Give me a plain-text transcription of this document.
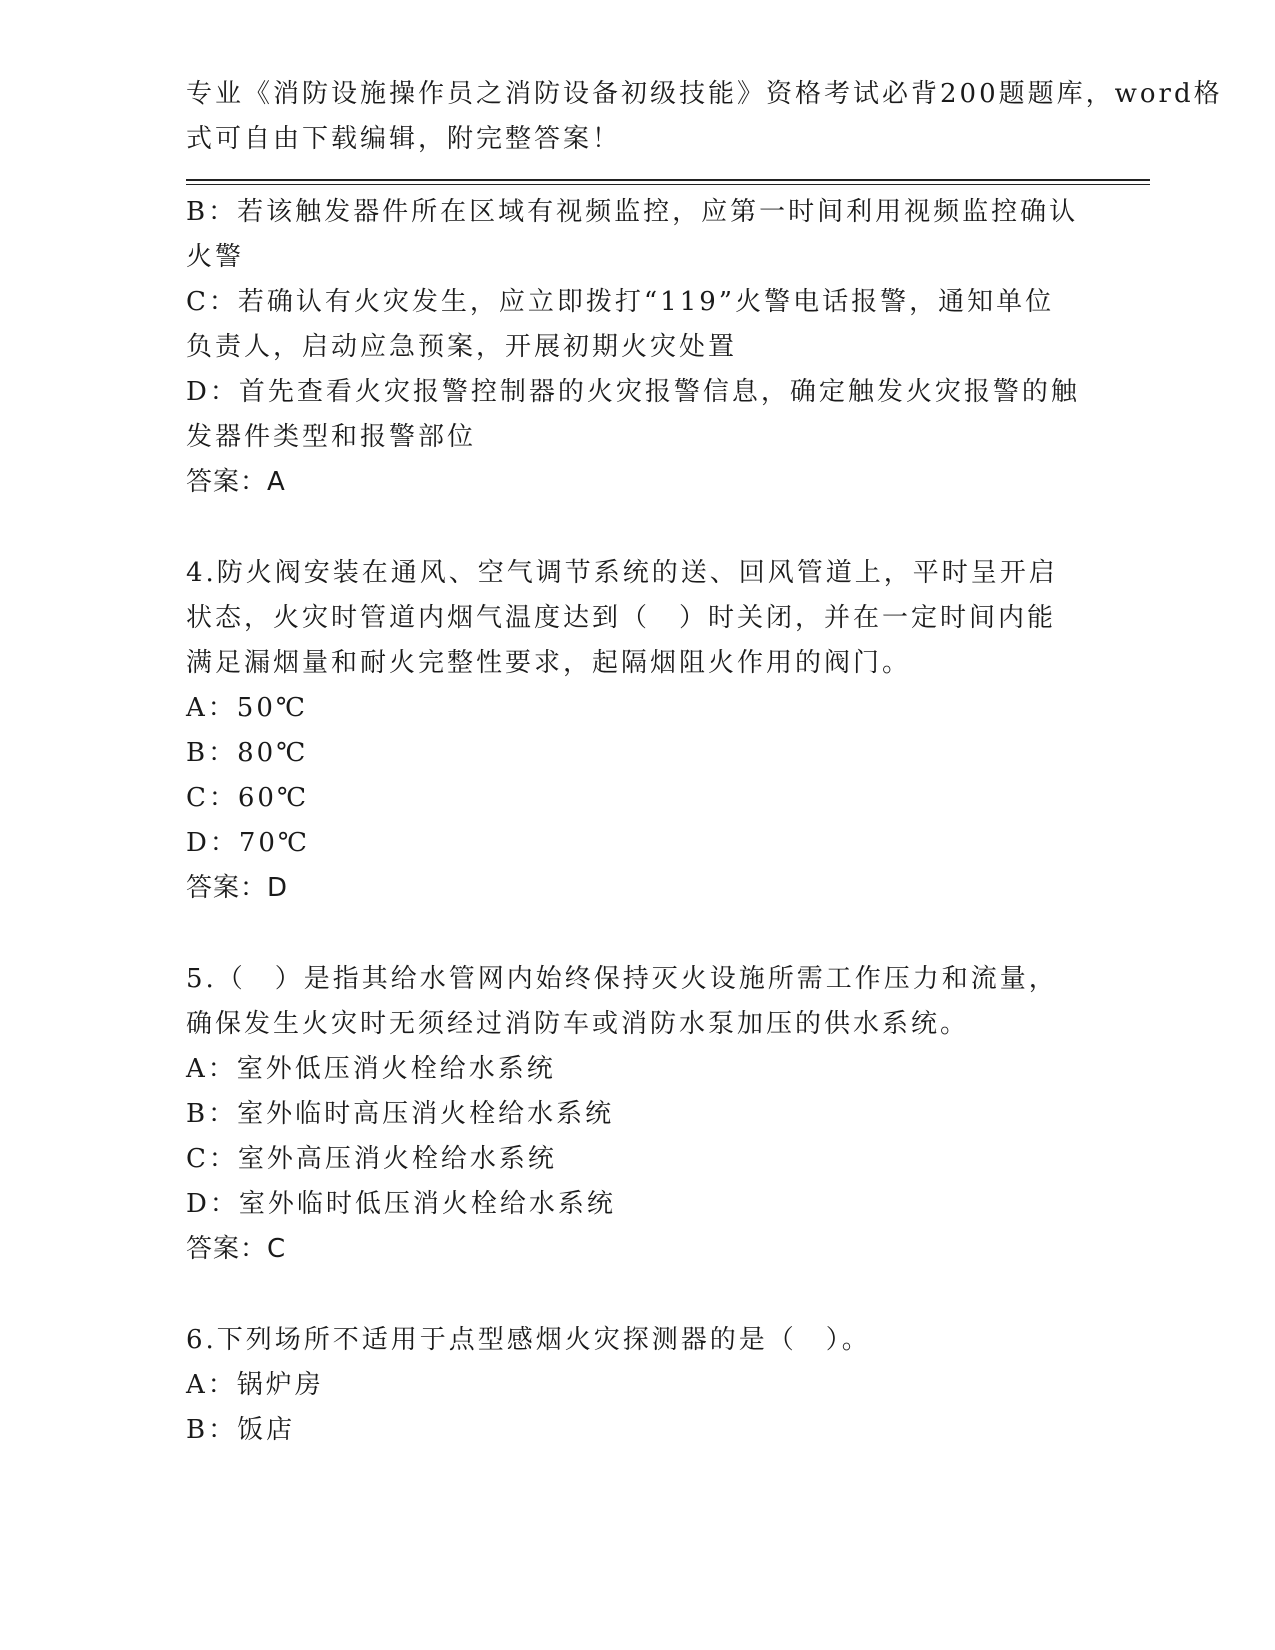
专业《消防设施操作员之消防设备初级技能》资格考试必背200题题库，word格
式可自由下载编辑，附完整答案！
B：若该触发器件所在区域有视频监控，应第一时间利用视频监控确认
火警
C：若确认有火灾发生，应立即拨打“119”火警电话报警，通知单位
负责人，启动应急预案，开展初期火灾处置
D：首先查看火灾报警控制器的火灾报警信息，确定触发火灾报警的触
发器件类型和报警部位
答案：A
4.防火阀安装在通风、空气调节系统的送、回风管道上，平时呈开启
状态，火灾时管道内烟气温度达到（　）时关闭，并在一定时间内能
满足漏烟量和耐火完整性要求，起隔烟阻火作用的阀门。
A：50℃
B：80℃
C：60℃
D：70℃
答案：D
5.（　）是指其给水管网内始终保持灭火设施所需工作压力和流量，
确保发生火灾时无须经过消防车或消防水泵加压的供水系统。
A：室外低压消火栓给水系统
B：室外临时高压消火栓给水系统
C：室外高压消火栓给水系统
D：室外临时低压消火栓给水系统
答案：C
6.下列场所不适用于点型感烟火灾探测器的是（　）。
A：锅炉房
B：饭店
